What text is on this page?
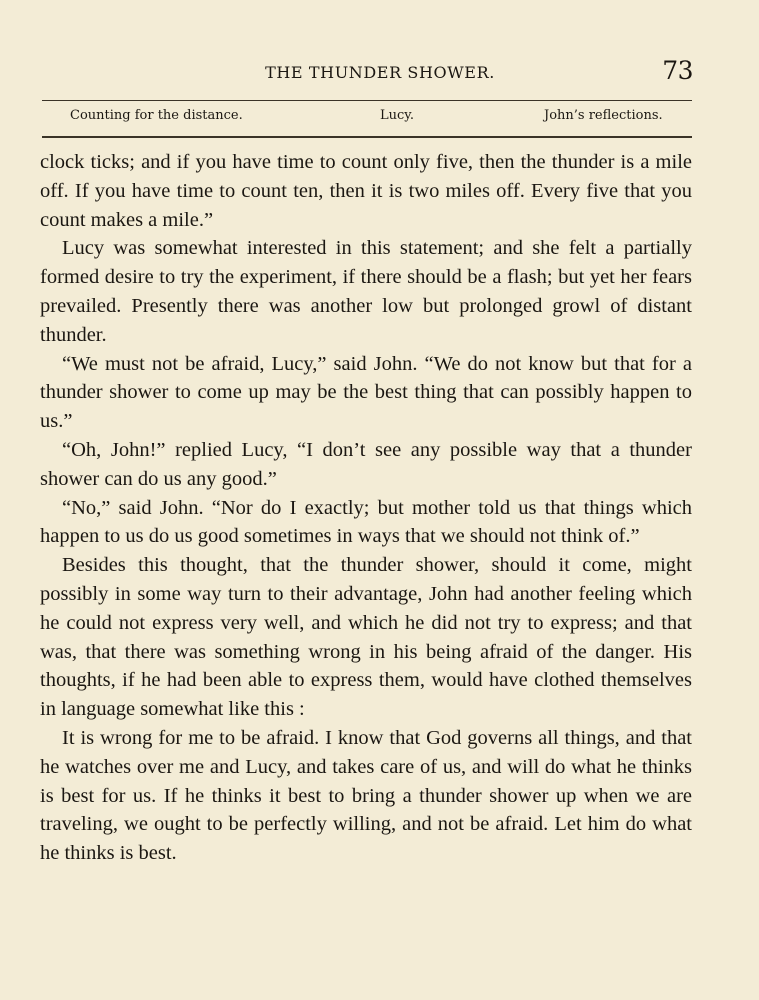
THE THUNDER SHOWER.	73
Counting for the distance.	Lucy.	John’s reflections.

clock ticks; and if you have time to count only five, then the thunder is a mile off. If you have time to count ten, then it is two miles off. Every five that you count makes a mile.”

Lucy was somewhat interested in this statement; and she felt a partially formed desire to try the experiment, if there should be a flash; but yet her fears prevailed. Presently there was another low but prolonged growl of distant thunder.

“We must not be afraid, Lucy,” said John. “We do not know but that for a thunder shower to come up may be the best thing that can possibly happen to us.”

“Oh, John!” replied Lucy, “I don’t see any possible way that a thunder shower can do us any good.”

“No,” said John. “Nor do I exactly; but mother told us that things which happen to us do us good sometimes in ways that we should not think of.”

Besides this thought, that the thunder shower, should it come, might possibly in some way turn to their advantage, John had another feeling which he could not express very well, and which he did not try to express; and that was, that there was something wrong in his being afraid of the danger. His thoughts, if he had been able to express them, would have clothed themselves in language somewhat like this :

It is wrong for me to be afraid. I know that God governs all things, and that he watches over me and Lucy, and takes care of us, and will do what he thinks is best for us. If he thinks it best to bring a thunder shower up when we are traveling, we ought to be perfectly willing, and not be afraid. Let him do what he thinks is best.
